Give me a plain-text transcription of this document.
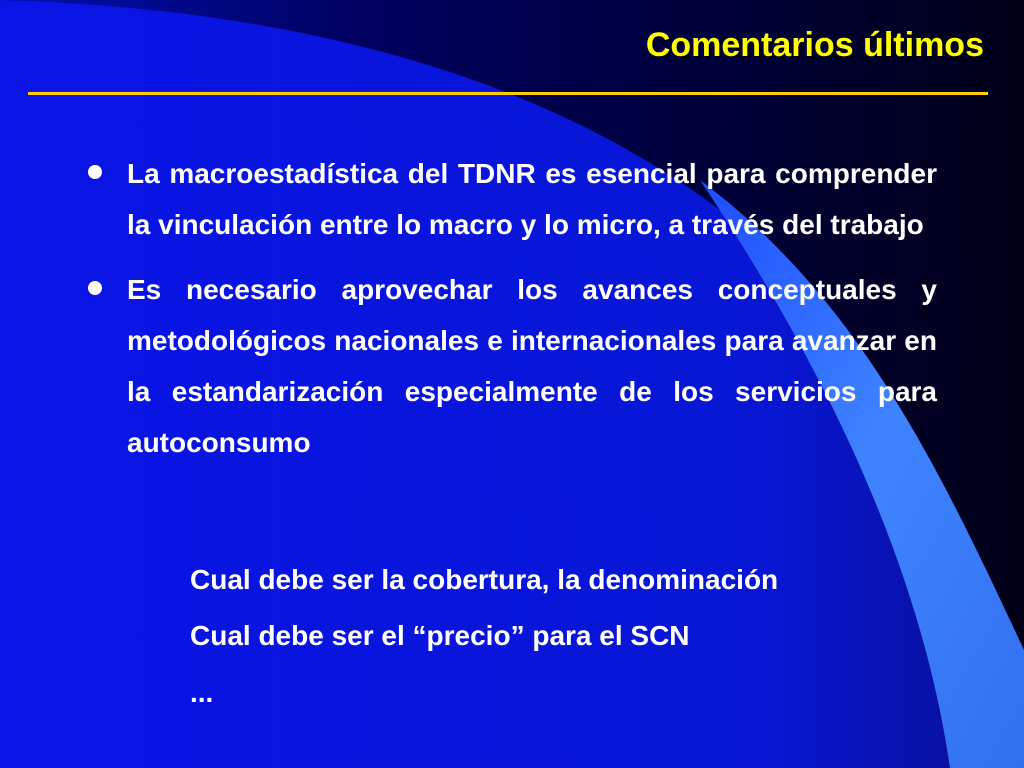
Comentarios últimos
La macroestadística del TDNR es esencial para comprender la vinculación entre lo macro y lo micro, a través del trabajo
Es necesario aprovechar los avances conceptuales y metodológicos nacionales e internacionales para avanzar en la estandarización especialmente de los servicios para autoconsumo
Cual debe ser la cobertura, la denominación
Cual debe ser el “precio” para el SCN
...
